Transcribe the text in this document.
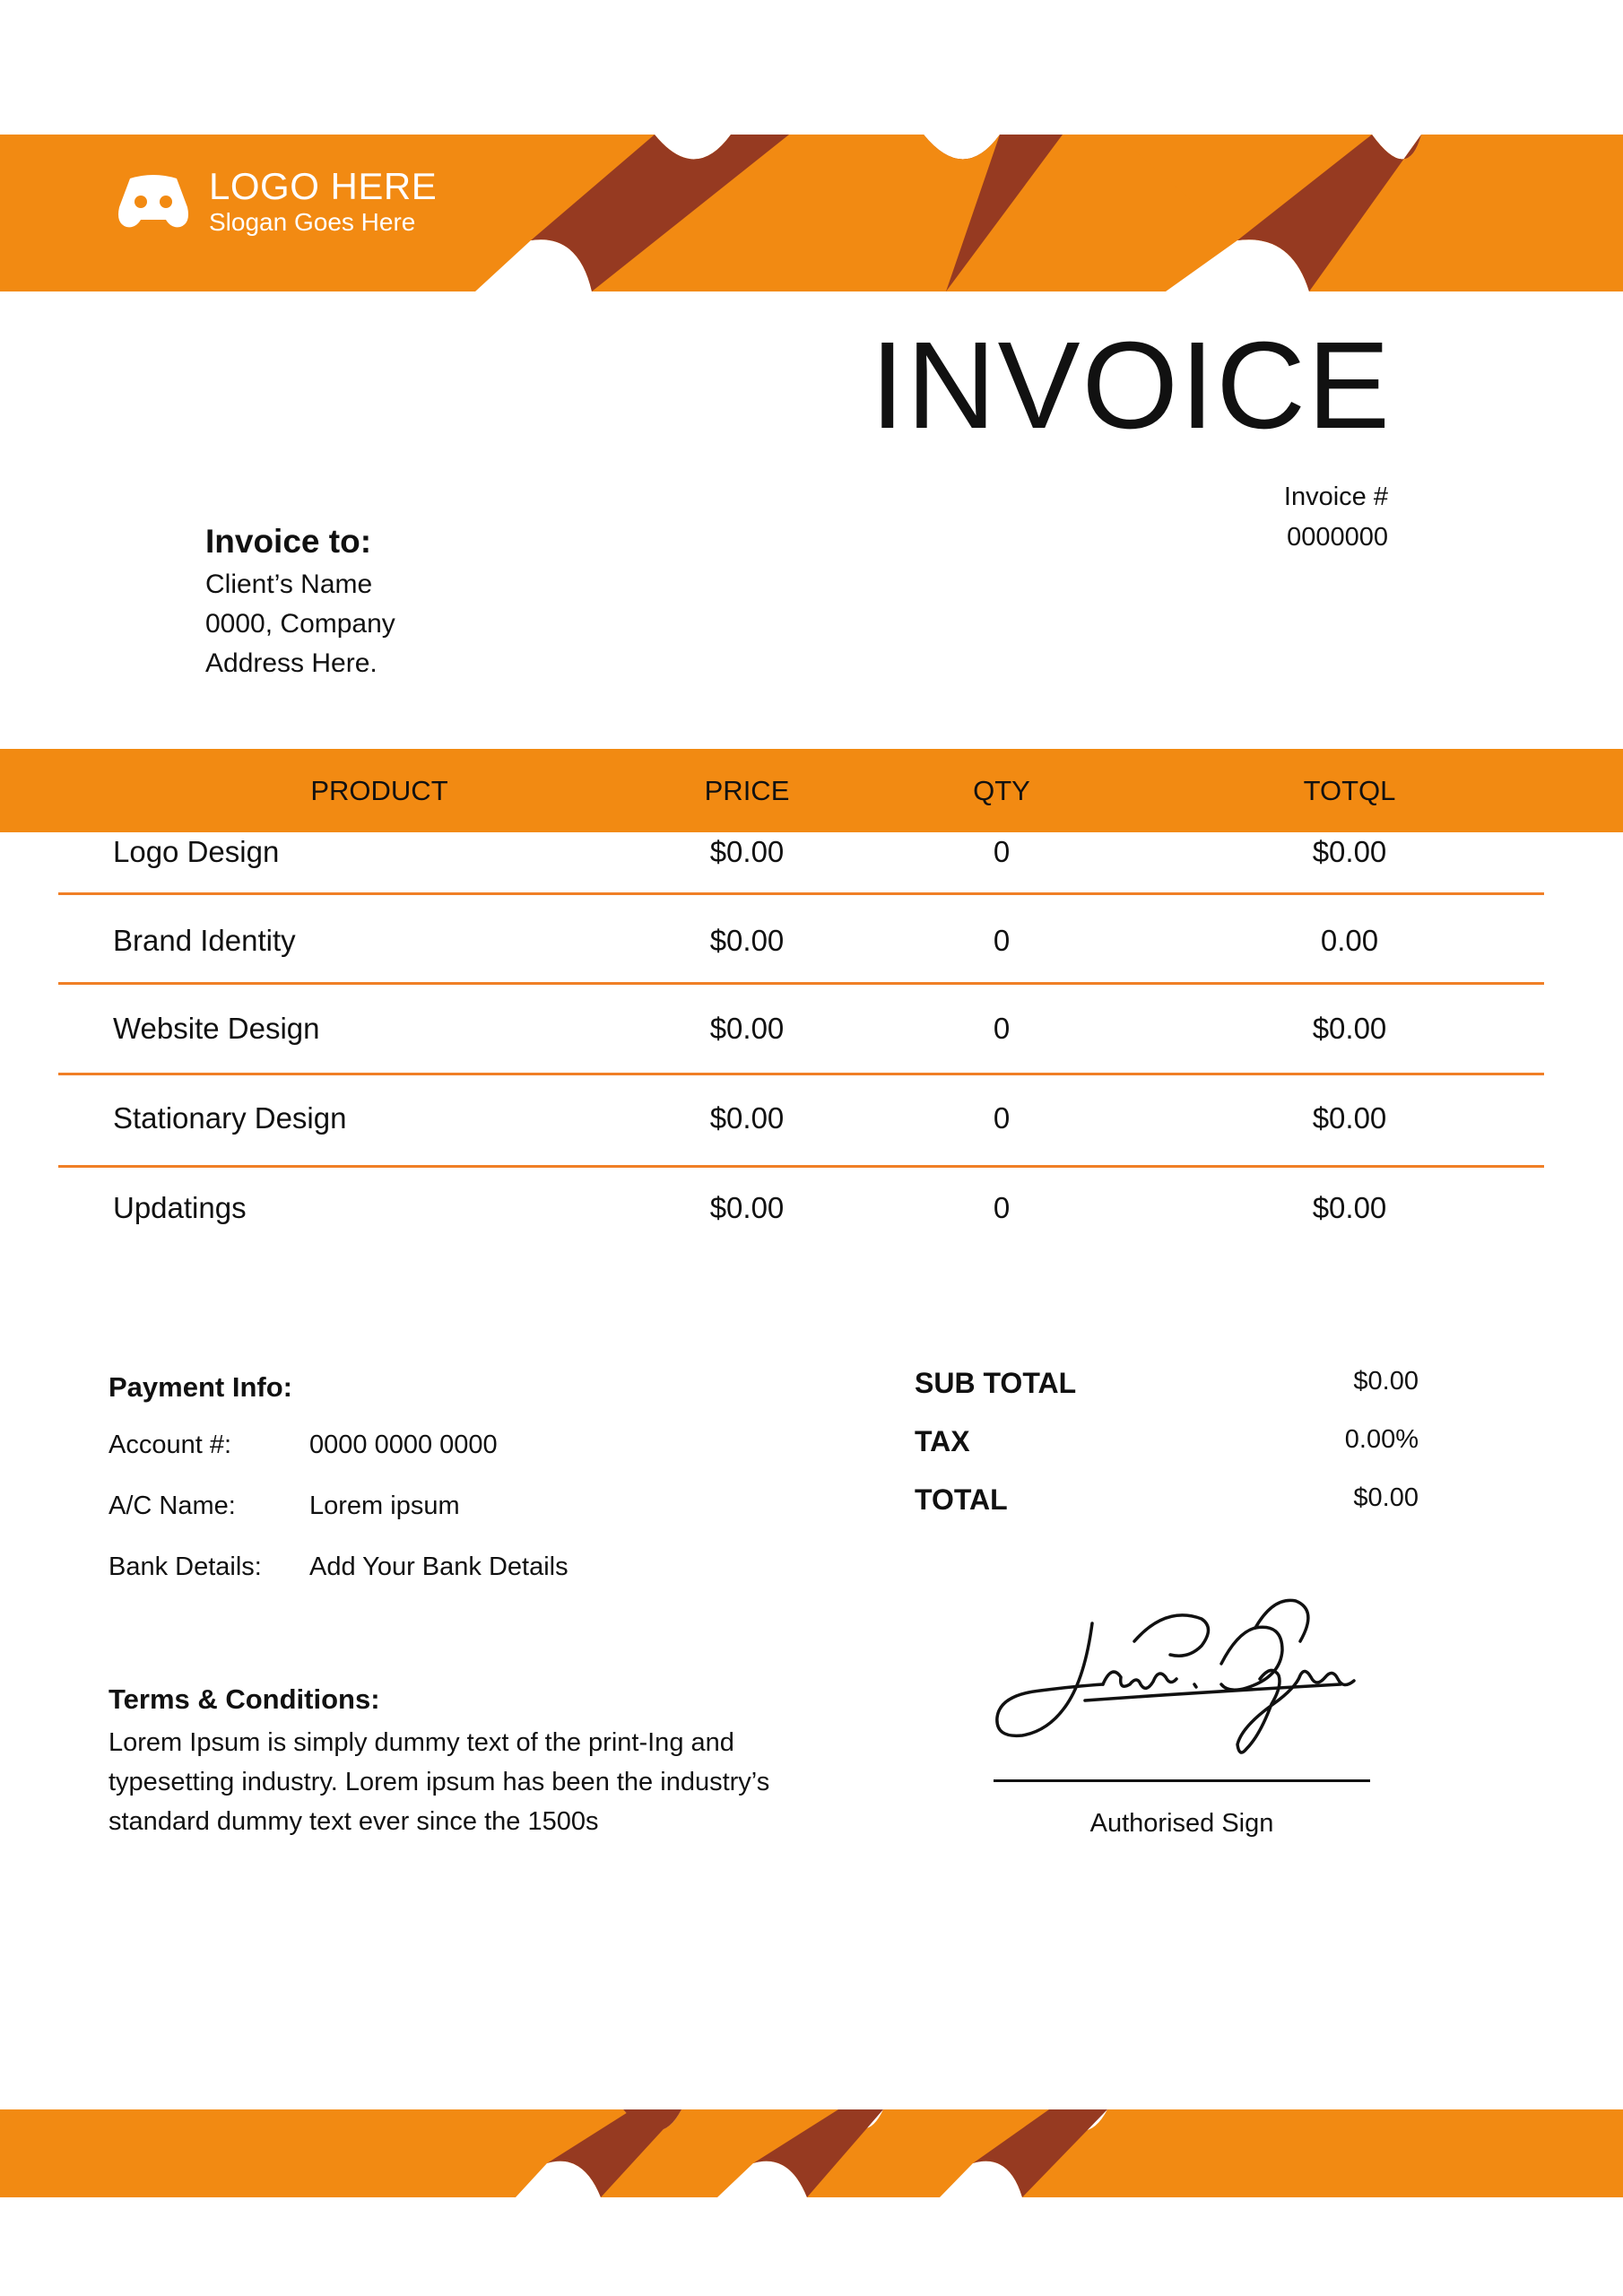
LOGO HERE
Slogan Goes Here
INVOICE
Invoice #
0000000
Invoice to:
Client’s Name
0000, Company
Address Here.
PRODUCT	PRICE	QTY	TOTQL
Logo Design	$0.00	0	$0.00
Brand Identity	$0.00	0	0.00
Website Design	$0.00	0	$0.00
Stationary Design	$0.00	0	$0.00
Updatings	$0.00	0	$0.00
Payment Info:
Account #:	0000 0000 0000
A/C Name:	Lorem ipsum
Bank Details:	Add Your Bank Details
SUB TOTAL	$0.00
TAX	0.00%
TOTAL	$0.00
Terms & Conditions:
Lorem Ipsum is simply dummy text of the print-Ing and
typesetting industry. Lorem ipsum has been the industry’s
standard dummy text ever since the 1500s	Authorised Sign
